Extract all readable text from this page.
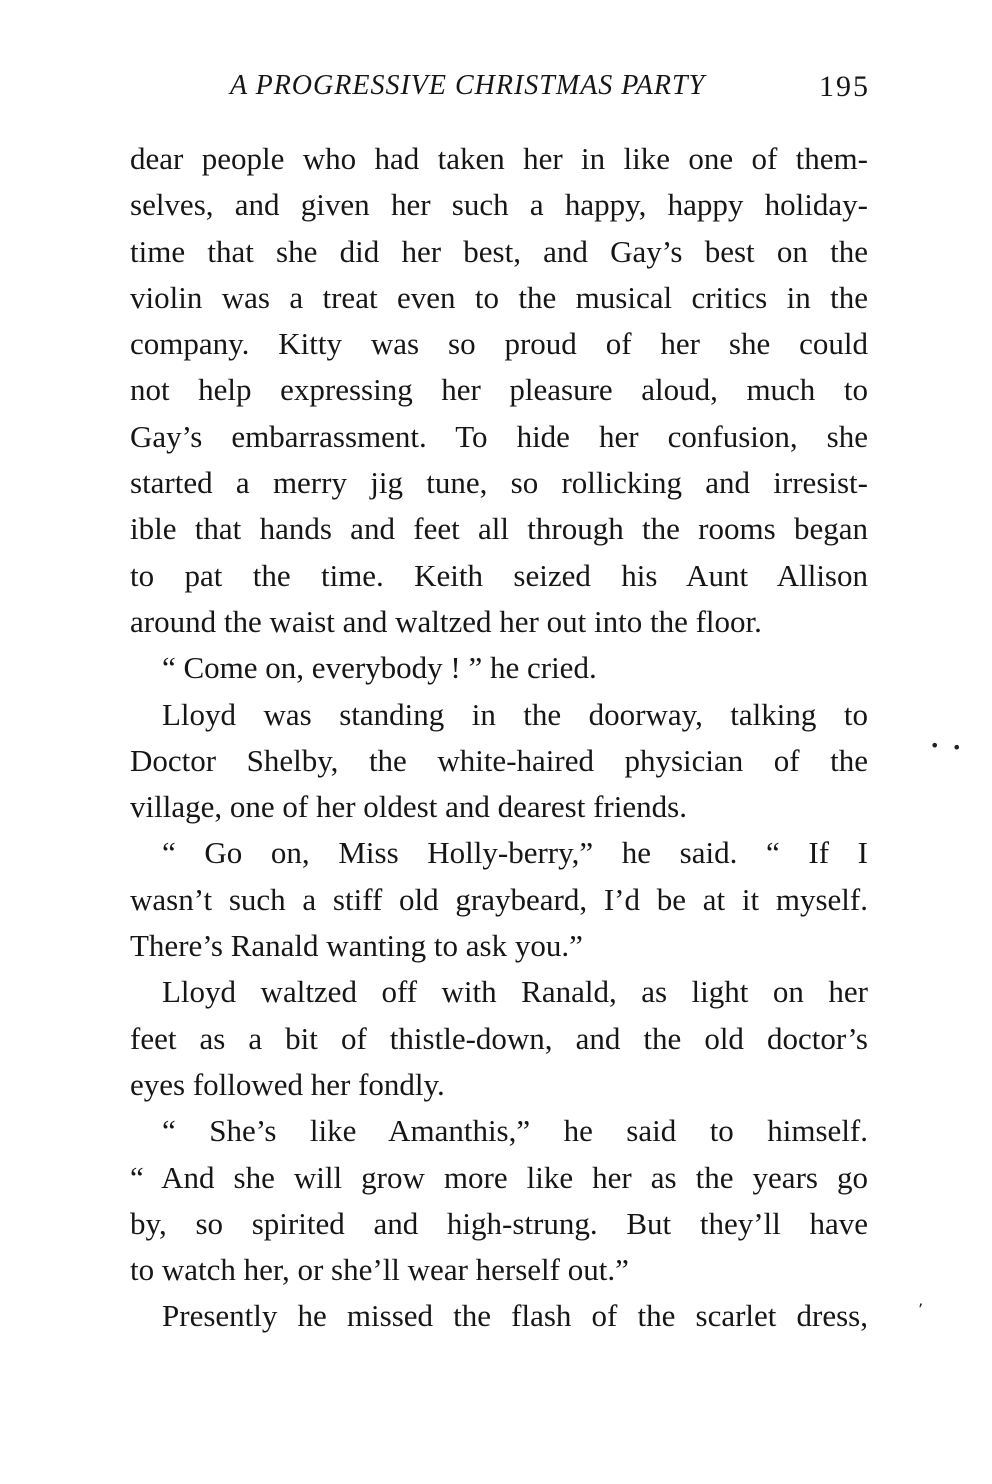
A PROGRESSIVE CHRISTMAS PARTY	195
dear people who had taken her in like one of them-
selves, and given her such a happy, happy holiday-
time that she did her best, and Gay’s best on the
violin was a treat even to the musical critics in the
company. Kitty was so proud of her she could
not help expressing her pleasure aloud, much to
Gay’s embarrassment. To hide her confusion, she
started a merry jig tune, so rollicking and irresist-
ible that hands and feet all through the rooms began
to pat the time. Keith seized his Aunt Allison
around the waist and waltzed her out into the floor.
“ Come on, everybody ! ” he cried.
Lloyd was standing in the doorway, talking to
Doctor Shelby, the white-haired physician of the
village, one of her oldest and dearest friends.
“ Go on, Miss Holly-berry,” he said. “ If I
wasn’t such a stiff old graybeard, I’d be at it myself.
There’s Ranald wanting to ask you.”
Lloyd waltzed off with Ranald, as light on her
feet as a bit of thistle-down, and the old doctor’s
eyes followed her fondly.
“ She’s like Amanthis,” he said to himself.
“ And she will grow more like her as the years go
by, so spirited and high-strung. But they’ll have
to watch her, or she’ll wear herself out.”
Presently he missed the flash of the scarlet dress,
• •
’
